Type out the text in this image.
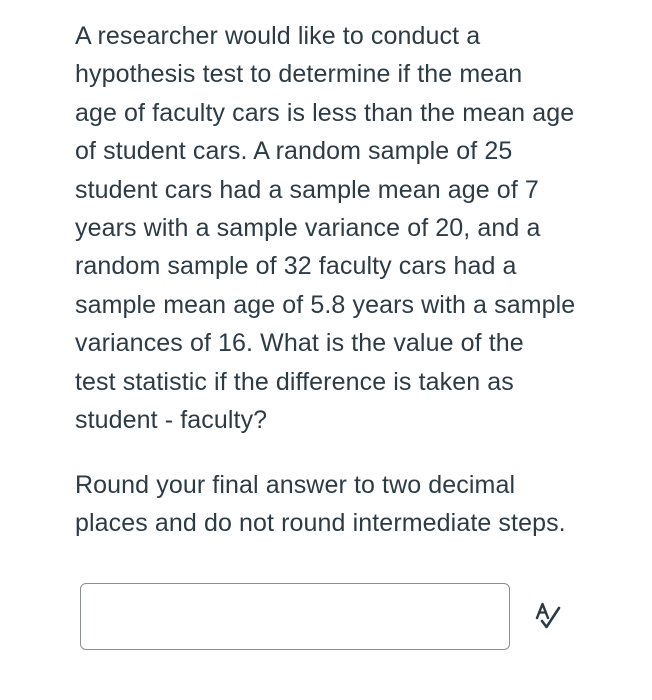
A researcher would like to conduct a
hypothesis test to determine if the mean
age of faculty cars is less than the mean age
of student cars. A random sample of 25
student cars had a sample mean age of 7
years with a sample variance of 20, and a
random sample of 32 faculty cars had a
sample mean age of 5.8 years with a sample
variances of 16. What is the value of the
test statistic if the difference is taken as
student - faculty?
Round your final answer to two decimal
places and do not round intermediate steps.
